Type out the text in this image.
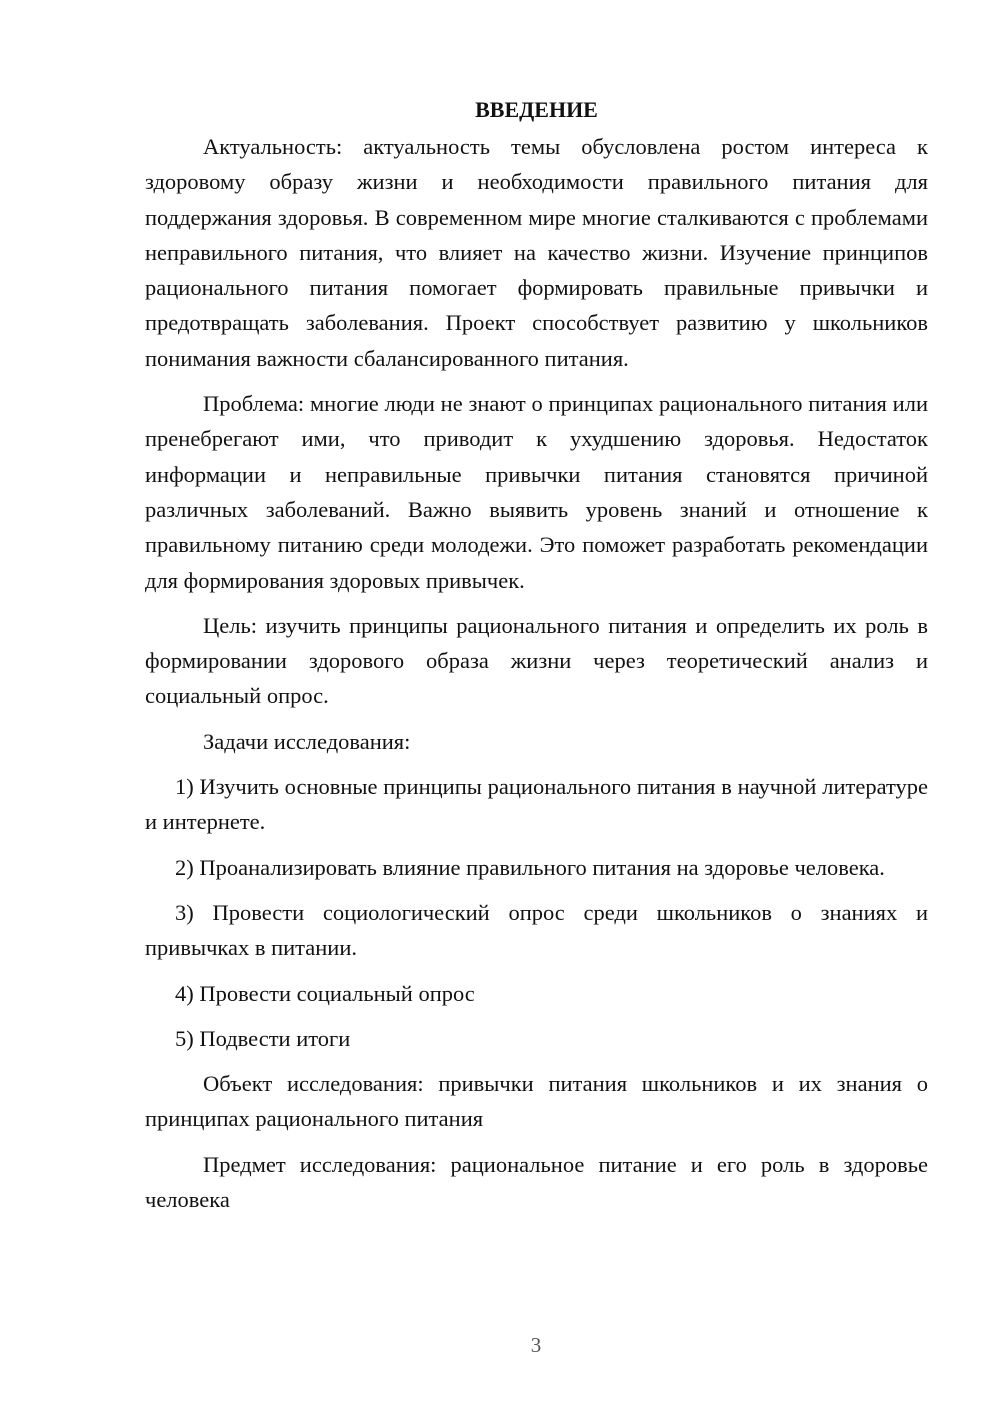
ВВЕДЕНИЕ

Актуальность: актуальность темы обусловлена ростом интереса к здоровому образу жизни и необходимости правильного питания для поддержания здоровья. В современном мире многие сталкиваются с проблемами неправильного питания, что влияет на качество жизни. Изучение принципов рационального питания помогает формировать правильные привычки и предотвращать заболевания. Проект способствует развитию у школьников понимания важности сбалансированного питания.

Проблема: многие люди не знают о принципах рационального питания или пренебрегают ими, что приводит к ухудшению здоровья. Недостаток информации и неправильные привычки питания становятся причиной различных заболеваний. Важно выявить уровень знаний и отношение к правильному питанию среди молодежи. Это поможет разработать рекомендации для формирования здоровых привычек.

Цель: изучить принципы рационального питания и определить их роль в формировании здорового образа жизни через теоретический анализ и социальный опрос.

Задачи исследования:

1) Изучить основные принципы рационального питания в научной литературе и интернете.

2) Проанализировать влияние правильного питания на здоровье человека.

3) Провести социологический опрос среди школьников о знаниях и привычках в питании.

4) Провести социальный опрос

5) Подвести итоги

Объект исследования: привычки питания школьников и их знания о принципах рационального питания

Предмет исследования: рациональное питание и его роль в здоровье человека

3
